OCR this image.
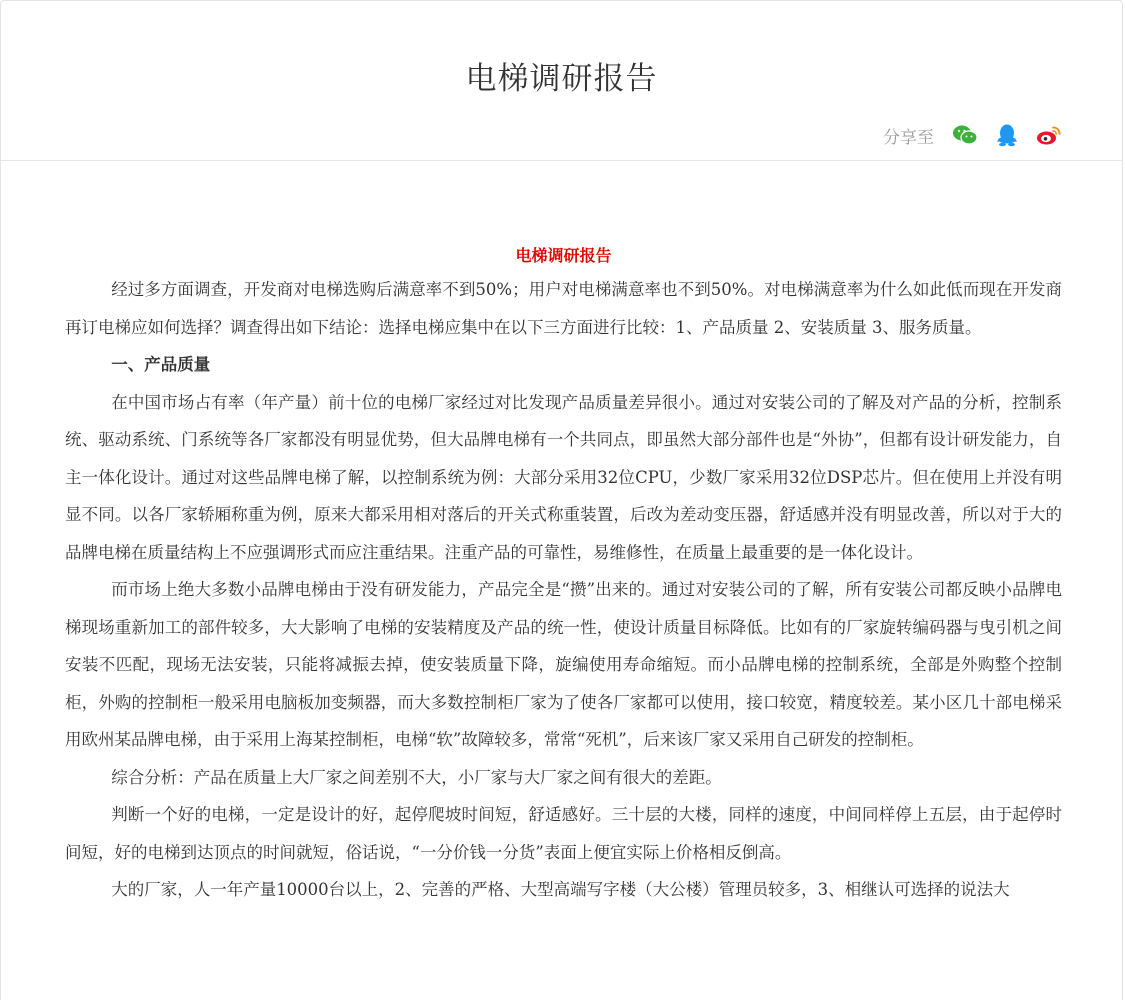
电梯调研报告
分享至
电梯调研报告

经过多方面调查，开发商对电梯选购后满意率不到50%；用户对电梯满意率也不到50%。对电梯满意率为什么如此低而现在开发商再订电梯应如何选择？调查得出如下结论：选择电梯应集中在以下三方面进行比较：1、产品质量 2、安装质量 3、服务质量。

一、产品质量

在中国市场占有率（年产量）前十位的电梯厂家经过对比发现产品质量差异很小。通过对安装公司的了解及对产品的分析，控制系统、驱动系统、门系统等各厂家都没有明显优势，但大品牌电梯有一个共同点，即虽然大部分部件也是“外协”，但都有设计研发能力，自主一体化设计。通过对这些品牌电梯了解，以控制系统为例：大部分采用32位CPU，少数厂家采用32位DSP芯片。但在使用上并没有明显不同。以各厂家轿厢称重为例，原来大都采用相对落后的开关式称重装置，后改为差动变压器，舒适感并没有明显改善，所以对于大的品牌电梯在质量结构上不应强调形式而应注重结果。注重产品的可靠性，易维修性，在质量上最重要的是一体化设计。

而市场上绝大多数小品牌电梯由于没有研发能力，产品完全是“攒”出来的。通过对安装公司的了解，所有安装公司都反映小品牌电梯现场重新加工的部件较多，大大影响了电梯的安装精度及产品的统一性，使设计质量目标降低。比如有的厂家旋转编码器与曳引机之间安装不匹配，现场无法安装，只能将减振去掉，使安装质量下降，旋编使用寿命缩短。而小品牌电梯的控制系统，全部是外购整个控制柜，外购的控制柜一般采用电脑板加变频器，而大多数控制柜厂家为了使各厂家都可以使用，接口较宽，精度较差。某小区几十部电梯采用欧州某品牌电梯，由于采用上海某控制柜，电梯“软”故障较多，常常“死机”，后来该厂家又采用自己研发的控制柜。

综合分析：产品在质量上大厂家之间差别不大，小厂家与大厂家之间有很大的差距。

判断一个好的电梯，一定是设计的好，起停爬坡时间短，舒适感好。三十层的大楼，同样的速度，中间同样停上五层，由于起停时间短，好的电梯到达顶点的时间就短，俗话说，“一分价钱一分货”表面上便宜实际上价格相反倒高。

大的厂家，人一年产量10000台以上，2、完善的严格、大型高端写字楼（大公楼）管理员较多，3、相继认可选择的说法大
